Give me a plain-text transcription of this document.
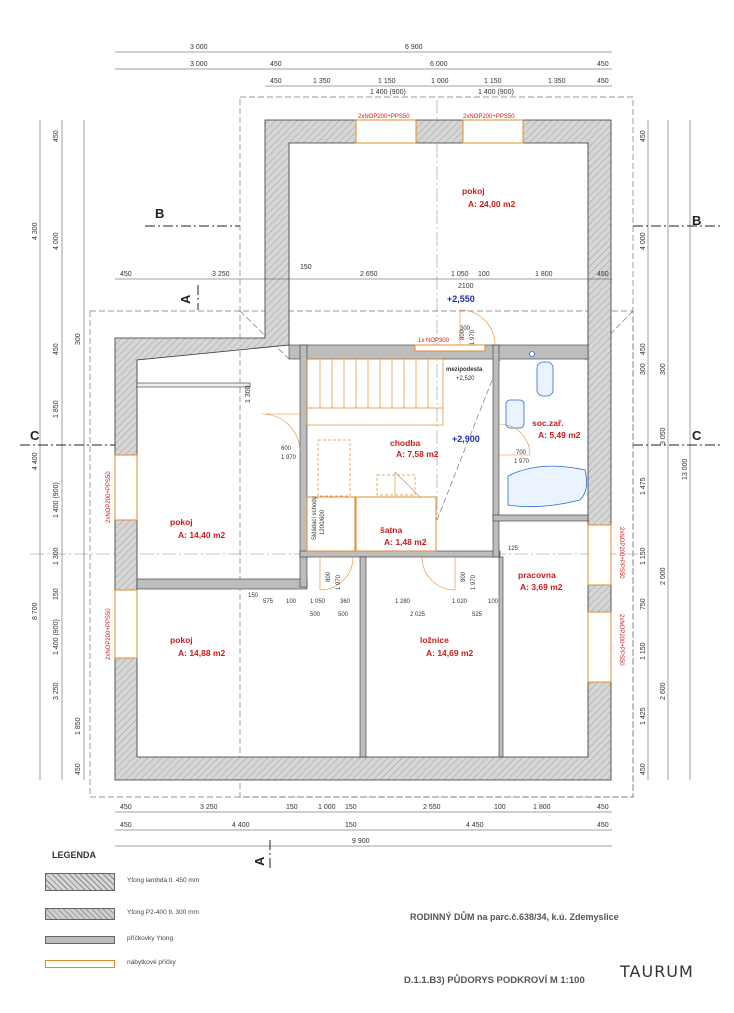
3 000	6 900
3 000	450	6 000	450
450	1 350	1 150	1 000	1 150	1 350	450
1 400 (900)	1 400 (900)
450	3 250
150
2 650	1 050 100	1 800	450
2100
450	3 250	150	1 000 150	2 550	100	1 800	450
450	4 400	150	4 450	450
9 900
4 300
4 400
8 700
450
4 000
450
1 850
1 400 (900)
1 300
150
1 400 (900)
3 250
1 850
450
300
1 300
13 000
450
4 000
450
300 300
3 050
1 475
1 150
2 000
750
1 150
2 600
1 425
450
100 1 050 360	1 280
2 025
1 020	100
500	500	525
575
150
300
125
2xNOP200+PPS50	2xNOP200+PPS50
2xNOP200+PPS50
2xNOP200+PPS50
2xNOP200+PPS50
2xNOP200+PPS50
1x NOP300
pokoj
A: 24,00 m2
pokoj
A: 14,40 m2
pokoj
A: 14,88 m2
ložnice
A: 14,69 m2
chodba
A: 7,58 m2
šatna
A: 1,48 m2
soc.zař.
A: 5,49 m2
pracovna
A: 3,69 m2
+2,550
+2,900
mezipodesta
+2,520
600
1 970
800 1 970	800 1 970
700
1 970
800 1 970
Skládací schody 1200/600
B	B
C	C
A
A
LEGENDA
Ytong lambda tl. 450 mm
Ytong P2-400 tl. 300 mm
příčkovky Ytong
nábytkové příčky
RODINNÝ DŮM na parc.č.638/34, k.ú. Zdemyslice
D.1.1.B3) PŮDORYS PODKROVÍ M 1:100 TAURUM
